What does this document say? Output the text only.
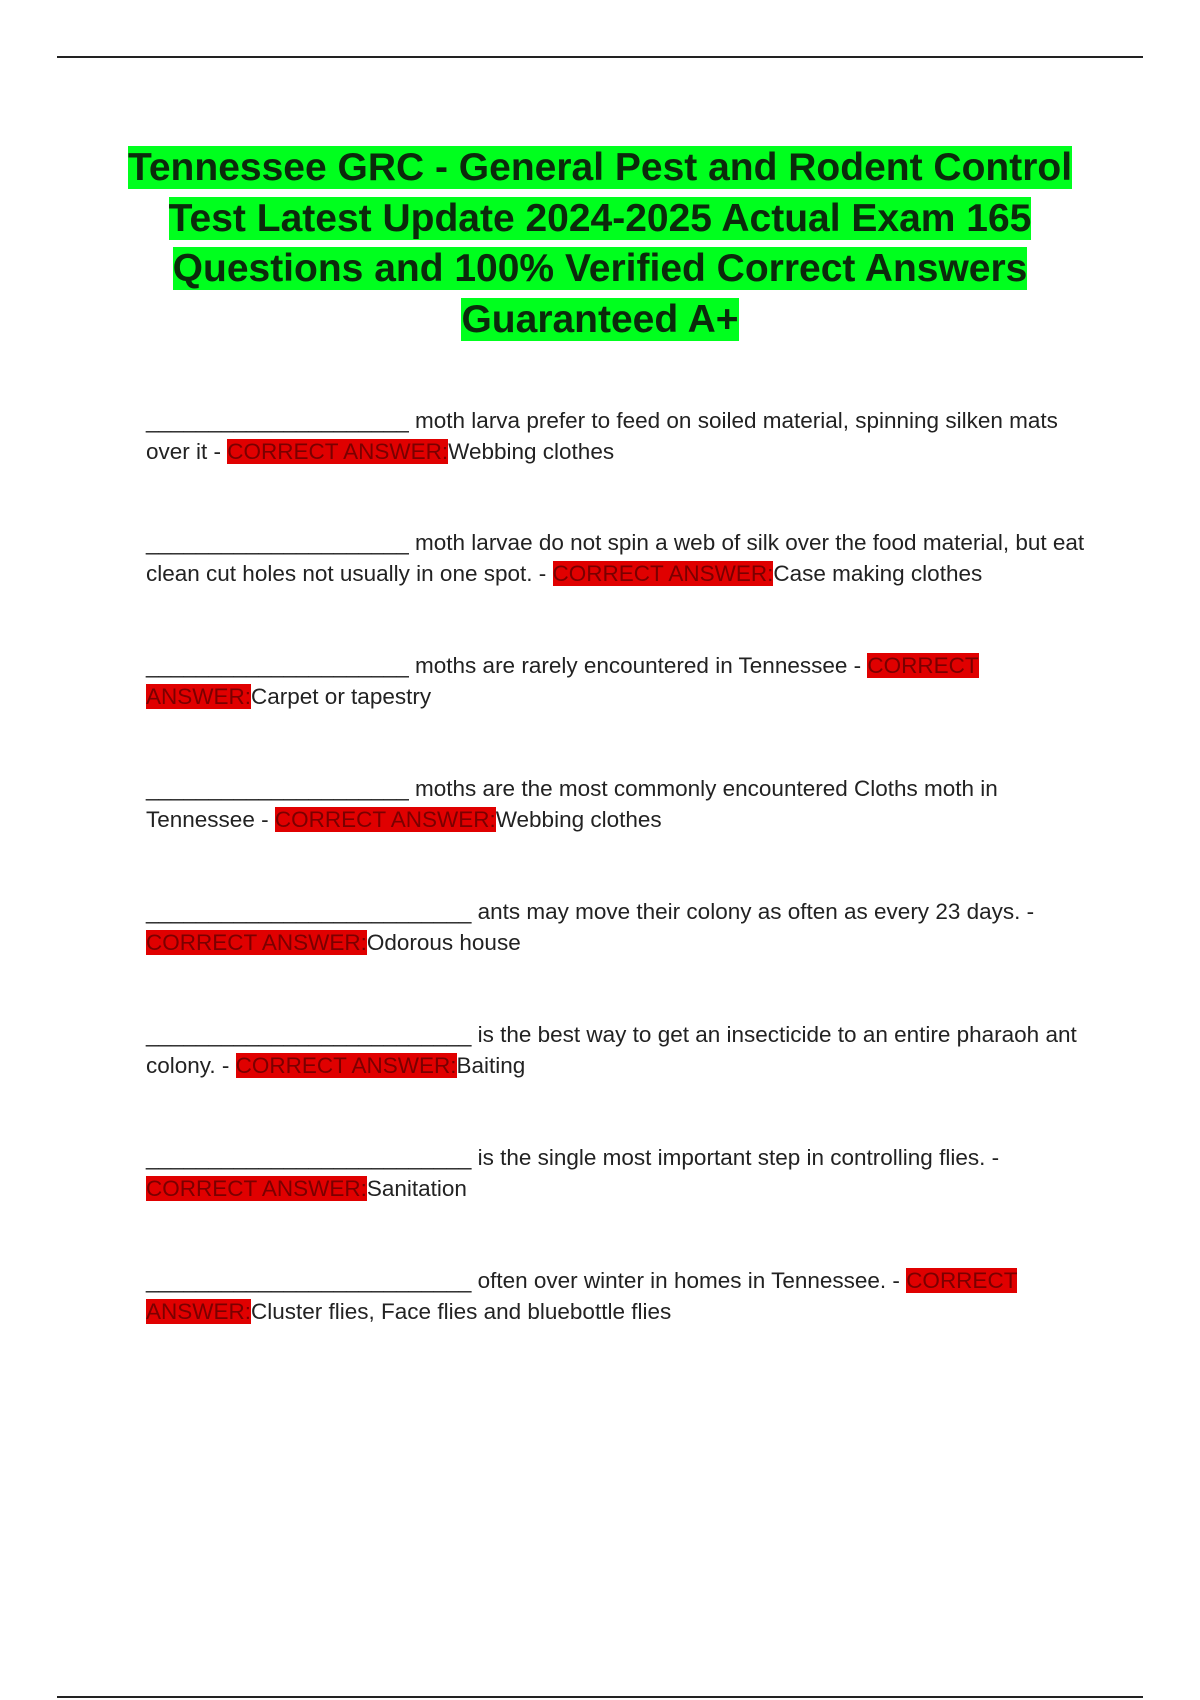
Tennessee GRC - General Pest and Rodent Control Test Latest Update 2024-2025 Actual Exam 165 Questions and 100% Verified Correct Answers Guaranteed A+

_____________________ moth larva prefer to feed on soiled material, spinning silken mats over it - CORRECT ANSWER:Webbing clothes

_____________________ moth larvae do not spin a web of silk over the food material, but eat clean cut holes not usually in one spot. - CORRECT ANSWER:Case making clothes

_____________________ moths are rarely encountered in Tennessee - CORRECT ANSWER:Carpet or tapestry

_____________________ moths are the most commonly encountered Cloths moth in Tennessee - CORRECT ANSWER:Webbing clothes

__________________________ ants may move their colony as often as every 23 days. - CORRECT ANSWER:Odorous house

__________________________ is the best way to get an insecticide to an entire pharaoh ant colony. - CORRECT ANSWER:Baiting

__________________________ is the single most important step in controlling flies. - CORRECT ANSWER:Sanitation

__________________________ often over winter in homes in Tennessee. - CORRECT ANSWER:Cluster flies, Face flies and bluebottle flies
